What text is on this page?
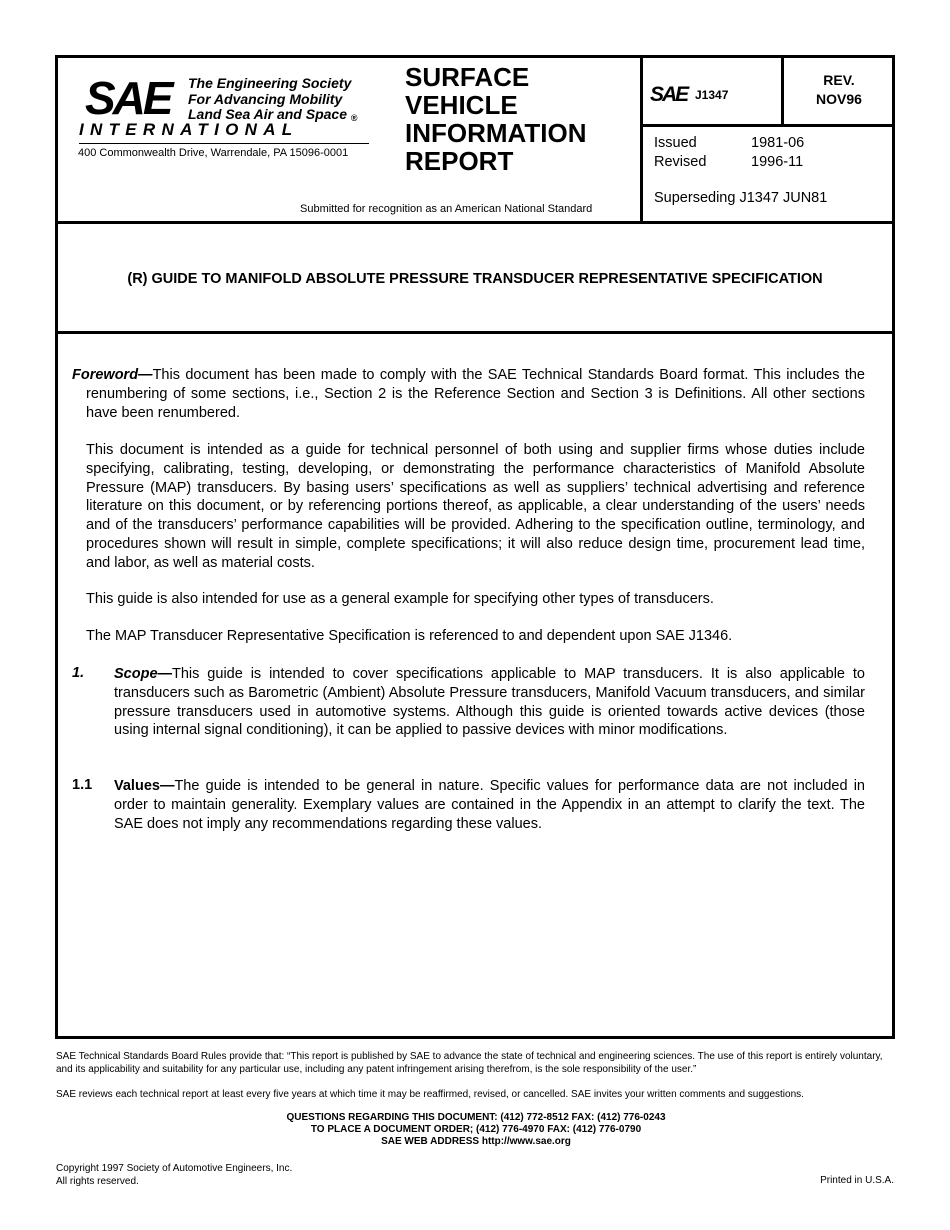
SAE The Engineering Society
For Advancing Mobility
Land Sea Air and Space ®
INTERNATIONAL
400 Commonwealth Drive, Warrendale, PA 15096-0001
SURFACE
VEHICLE
INFORMATION
REPORT
Submitted for recognition as an American National Standard
SAE J1347
REV.
NOV96
Issued	1981-06
Revised	1996-11
Superseding J1347 JUN81
(R) GUIDE TO MANIFOLD ABSOLUTE PRESSURE TRANSDUCER REPRESENTATIVE SPECIFICATION
Foreword—This document has been made to comply with the SAE Technical Standards Board format. This includes the renumbering of some sections, i.e., Section 2 is the Reference Section and Section 3 is Definitions. All other sections have been renumbered.
This document is intended as a guide for technical personnel of both using and supplier firms whose duties include specifying, calibrating, testing, developing, or demonstrating the performance characteristics of Manifold Absolute Pressure (MAP) transducers. By basing users’ specifications as well as suppliers’ technical advertising and reference literature on this document, or by referencing portions thereof, as applicable, a clear understanding of the users’ needs and of the transducers’ performance capabilities will be provided. Adhering to the specification outline, terminology, and procedures shown will result in simple, complete specifications; it will also reduce design time, procurement lead time, and labor, as well as material costs.
This guide is also intended for use as a general example for specifying other types of transducers.
The MAP Transducer Representative Specification is referenced to and dependent upon SAE J1346.
1. Scope—This guide is intended to cover specifications applicable to MAP transducers. It is also applicable to transducers such as Barometric (Ambient) Absolute Pressure transducers, Manifold Vacuum transducers, and similar pressure transducers used in automotive systems. Although this guide is oriented towards active devices (those using internal signal conditioning), it can be applied to passive devices with minor modifications.
1.1 Values—The guide is intended to be general in nature. Specific values for performance data are not included in order to maintain generality. Exemplary values are contained in the Appendix in an attempt to clarify the text. The SAE does not imply any recommendations regarding these values.
SAE Technical Standards Board Rules provide that: “This report is published by SAE to advance the state of technical and engineering sciences. The use of this report is entirely voluntary, and its applicability and suitability for any particular use, including any patent infringement arising therefrom, is the sole responsibility of the user.”
SAE reviews each technical report at least every five years at which time it may be reaffirmed, revised, or cancelled. SAE invites your written comments and suggestions.
QUESTIONS REGARDING THIS DOCUMENT: (412) 772-8512 FAX: (412) 776-0243
TO PLACE A DOCUMENT ORDER; (412) 776-4970 FAX: (412) 776-0790
SAE WEB ADDRESS http://www.sae.org
Copyright 1997 Society of Automotive Engineers, Inc.
All rights reserved.	Printed in U.S.A.
